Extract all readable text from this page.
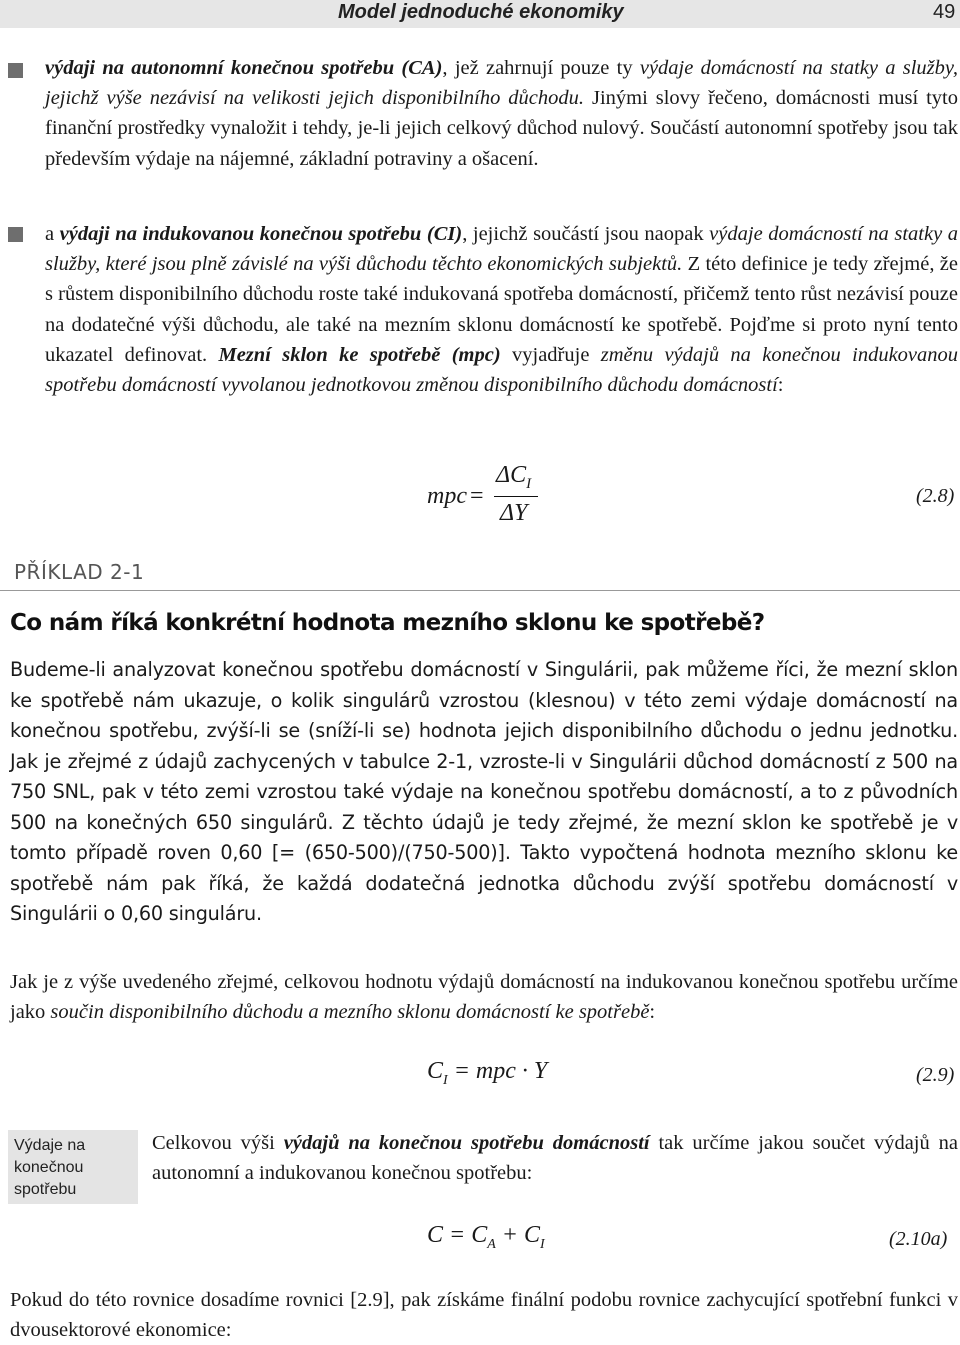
Model jednoduché ekonomiky	49
výdaji na autonomní konečnou spotřebu (CA), jež zahrnují pouze ty výdaje domácností na statky a služby, jejichž výše nezávisí na velikosti jejich disponibilního důchodu. Jinými slovy řečeno, domácnosti musí tyto finanční prostředky vynaložit i tehdy, je-li jejich celkový důchod nulový. Součástí autonomní spotřeby jsou tak především výdaje na nájemné, základní potraviny a ošacení.
a výdaji na indukovanou konečnou spotřebu (CI), jejichž součástí jsou naopak výdaje domácností na statky a služby, které jsou plně závislé na výši důchodu těchto ekonomických subjektů. Z této definice je tedy zřejmé, že s růstem disponibilního důchodu roste také indukovaná spotřeba domácností, přičemž tento růst nezávisí pouze na dodatečné výši důchodu, ale také na mezním sklonu domácností ke spotřebě. Pojďme si proto nyní tento ukazatel definovat. Mezní sklon ke spotřebě (mpc) vyjadřuje změnu výdajů na konečnou indukovanou spotřebu domácností vyvolanou jednotkovou změnou disponibilního důchodu domácností:
mpc =
$\Delta C_I$
ΔY
(2.8)
PŘÍKLAD 2-1
Co nám říká konkrétní hodnota mezního sklonu ke spotřebě?
Budeme-li analyzovat konečnou spotřebu domácností v Singulárii, pak můžeme říci, že mezní sklon ke spotřebě nám ukazuje, o kolik singulárů vzrostou (klesnou) v této zemi výdaje domácností na konečnou spotřebu, zvýší-li se (sníží-li se) hodnota jejich disponibilního důchodu o jednu jednotku. Jak je zřejmé z údajů zachycených v tabulce 2-1, vzroste-li v Singulárii důchod domácností z 500 na 750 SNL, pak v této zemi vzrostou také výdaje na konečnou spotřebu domácností, a to z původních 500 na konečných 650 singulárů. Z těchto údajů je tedy zřejmé, že mezní sklon ke spotřebě je v tomto případě roven 0,60 [= (650-500)/(750-500)]. Takto vypočtená hodnota mezního sklonu ke spotřebě nám pak říká, že každá dodatečná jednotka důchodu zvýší spotřebu domácností v Singulárii o 0,60 singuláru.
Jak je z výše uvedeného zřejmé, celkovou hodnotu výdajů domácností na indukovanou konečnou spotřebu určíme jako součin disponibilního důchodu a mezního sklonu domácností ke spotřebě:
$C_I$ = mpc · Y	(2.9)
Výdaje na konečnou spotřebu
Celkovou výši výdajů na konečnou spotřebu domácností tak určíme jakou součet výdajů na autonomní a indukovanou konečnou spotřebu:
$C = C_A + C_I$	(2.10a)
Pokud do této rovnice dosadíme rovnici [2.9], pak získáme finální podobu rovnice zachycující spotřební funkci v dvousektorové ekonomice:
